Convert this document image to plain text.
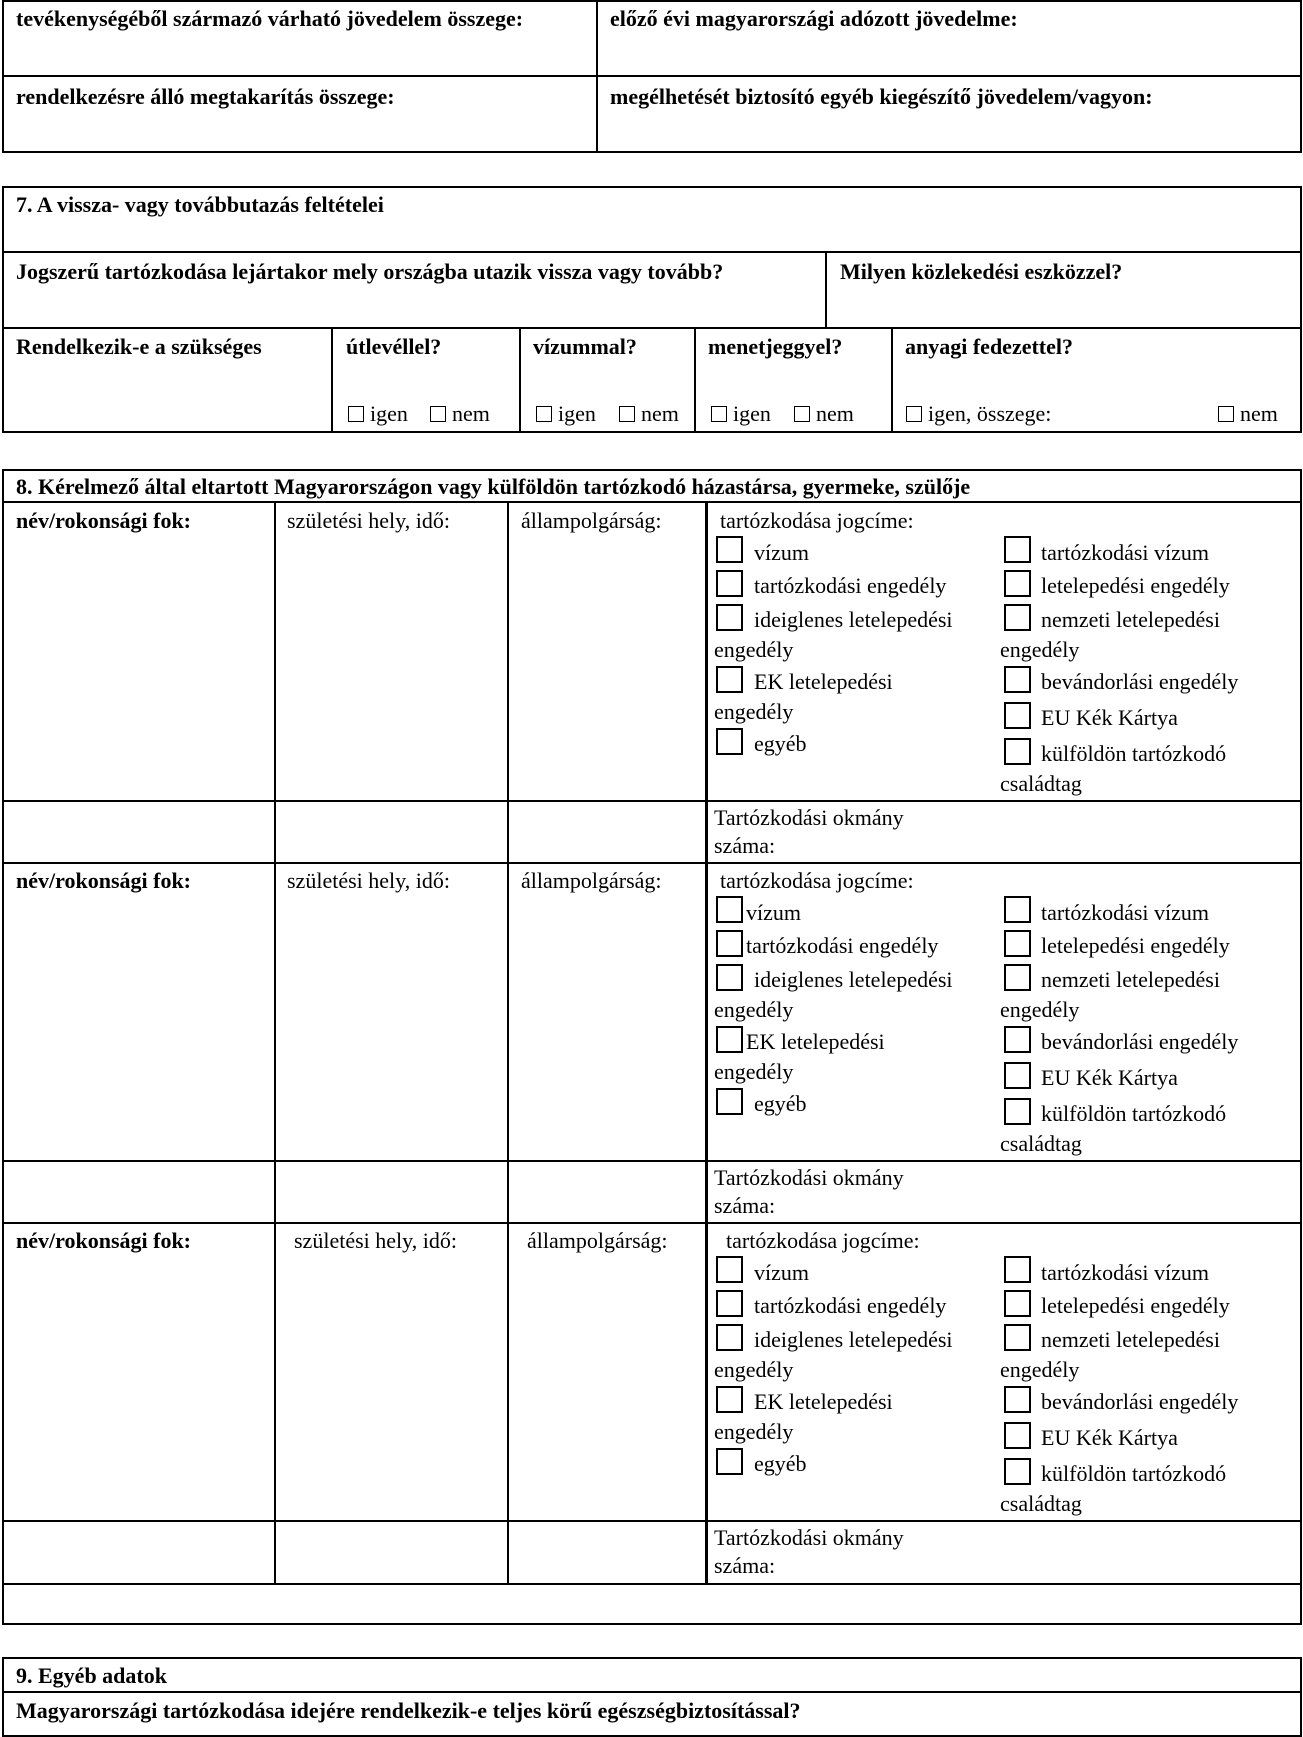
tevékenységéből származó várható jövedelem összege:	előző évi magyarországi adózott jövedelme:
rendelkezésre álló megtakarítás összege:	megélhetését biztosító egyéb kiegészítő jövedelem/vagyon:
7. A vissza- vagy továbbutazás feltételei
Jogszerű tartózkodása lejártakor mely országba utazik vissza vagy tovább?	Milyen közlekedési eszközzel?
Rendelkezik-e a szükséges	útlevéllel?	vízummal?	menetjeggyel?	anyagi fedezettel?
igen	nem	igen	nem	igen	nem	igen, összege:	nem
8. Kérelmező által eltartott Magyarországon vagy külföldön tartózkodó házastársa, gyermeke, szülője
név/rokonsági fok:	születési hely, idő:	állampolgárság:	tartózkodása jogcíme:
vízum
tartózkodási engedély
ideiglenes letelepedési
engedély
EK letelepedési
engedély
egyéb
tartózkodási vízum
letelepedési engedély
nemzeti letelepedési
engedély
bevándorlási engedély
EU Kék Kártya
külföldön tartózkodó
családtag
Tartózkodási okmány
száma:
név/rokonsági fok:	születési hely, idő:	állampolgárság:	tartózkodása jogcíme:
vízum
tartózkodási engedély
ideiglenes letelepedési
engedély
EK letelepedési
engedély
egyéb
tartózkodási vízum
letelepedési engedély
nemzeti letelepedési
engedély
bevándorlási engedély
EU Kék Kártya
külföldön tartózkodó
családtag
Tartózkodási okmány
száma:
név/rokonsági fok:	születési hely, idő:	állampolgárság:	tartózkodása jogcíme:
vízum
tartózkodási engedély
ideiglenes letelepedési
engedély
EK letelepedési
engedély
egyéb
tartózkodási vízum
letelepedési engedély
nemzeti letelepedési
engedély
bevándorlási engedély
EU Kék Kártya
külföldön tartózkodó
családtag
Tartózkodási okmány
száma:
9. Egyéb adatok
Magyarországi tartózkodása idejére rendelkezik-e teljes körű egészségbiztosítással?
